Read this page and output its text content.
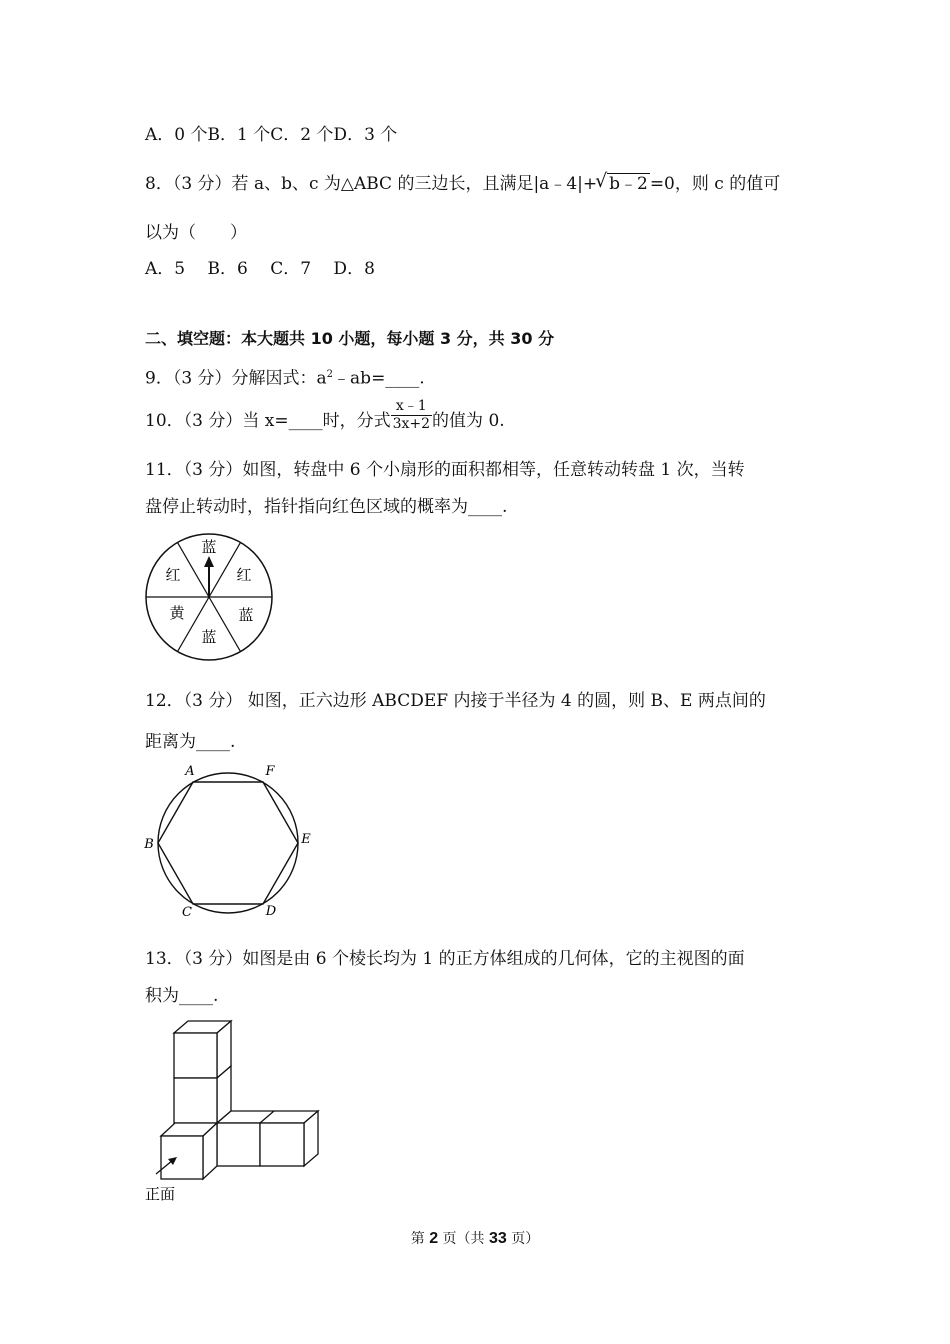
A．0 个B．1 个C．2 个D．3 个
8．（3 分）若 a、b、c 为△ABC 的三边长，且满足|a﹣4|+√ b﹣2 =0，则 c 的值可
以为（　　）
A．5　 B．6　 C．7　 D．8
二、填空题：本大题共 10 小题，每小题 3 分，共 30 分
9．（3 分）分解因式：$a^2﹣ab=\_\_\_\_$.
10．（3 分）当 x=____时，分式 $\frac{x﹣1}{3x+2}$ 的值为 0.
11．（3 分）如图，转盘中 6 个小扇形的面积都相等，任意转动转盘 1 次，当转
盘停止转动时，指针指向红色区域的概率为____.
蓝
红
蓝
蓝
黄
红
12．（3 分） 如图，正六边形 ABCDEF 内接于半径为 4 的圆，则 B、E 两点间的
距离为____.
A	F
E
D
C
B
13．（3 分）如图是由 6 个棱长均为 1 的正方体组成的几何体，它的主视图的面
积为____.
正面
第 2 页（共 33 页）
